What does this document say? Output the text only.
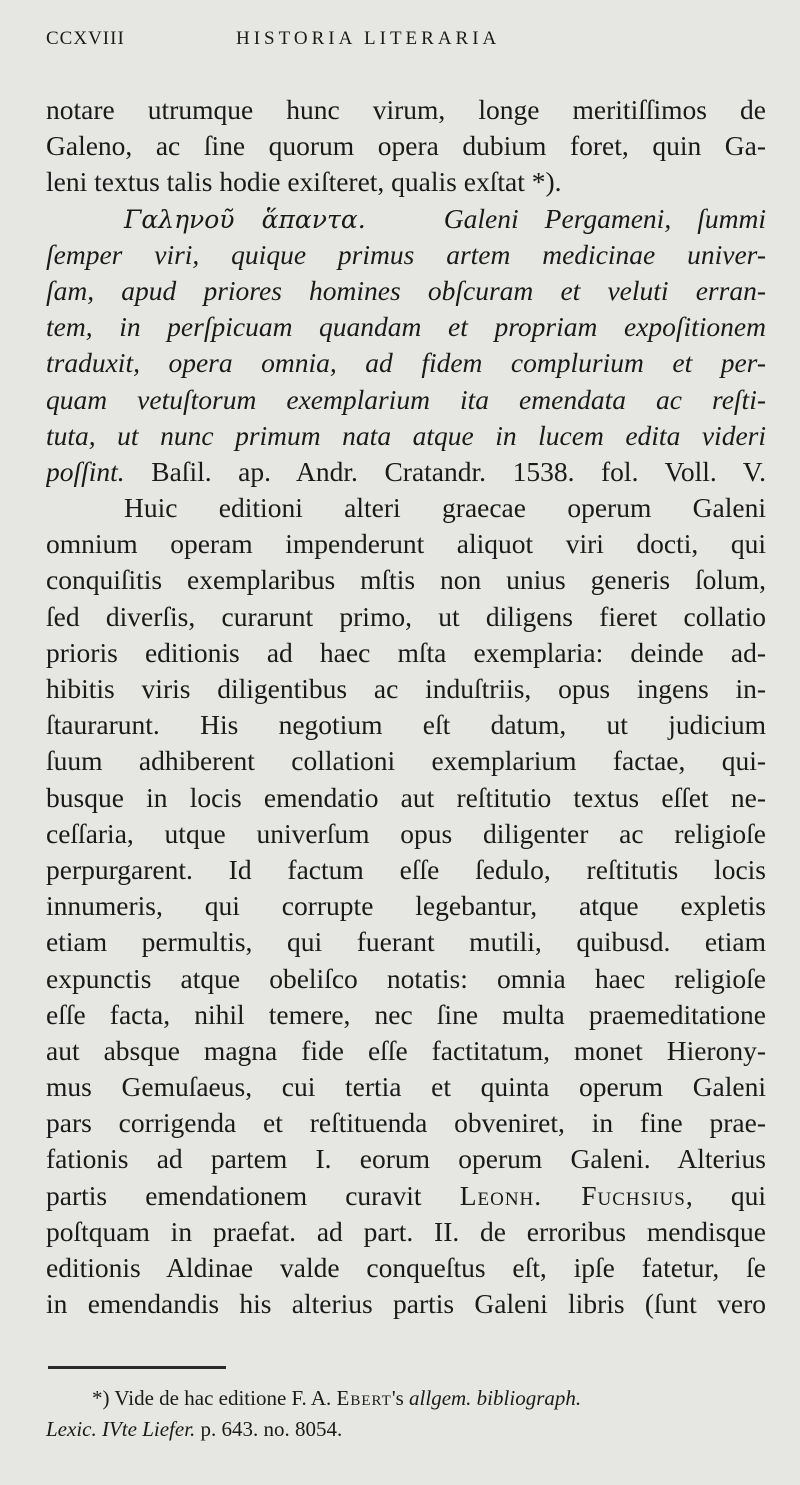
CCXVIII	HISTORIA LITERARIA
notare utrumque hunc virum, longe meritiſſimos de
Galeno, ac ſine quorum opera dubium foret, quin Ga-
leni textus talis hodie exiſteret, qualis exſtat *).
Γαληνοῦ ἅπαντα.	Galeni Pergameni, ſummi
ſemper viri, quique primus artem medicinae univer-
ſam, apud priores homines obſcuram et veluti erran-
tem, in perſpicuam quandam et propriam expoſitionem
traduxit, opera omnia, ad fidem complurium et per-
quam vetuſtorum exemplarium ita emendata ac reſti-
tuta, ut nunc primum nata atque in lucem edita videri
poſſint. Baſil. ap. Andr. Cratandr. 1538. fol. Voll. V.
Huic editioni alteri graecae operum Galeni
omnium operam impenderunt aliquot viri docti, qui
conquiſitis exemplaribus mſtis non unius generis ſolum,
ſed diverſis, curarunt primo, ut diligens fieret collatio
prioris editionis ad haec mſta exemplaria: deinde ad-
hibitis viris diligentibus ac induſtriis, opus ingens in-
ſtaurarunt. His negotium eſt datum, ut judicium
ſuum adhiberent collationi exemplarium factae, qui-
busque in locis emendatio aut reſtitutio textus eſſet ne-
ceſſaria, utque univerſum opus diligenter ac religioſe
perpurgarent. Id factum eſſe ſedulo, reſtitutis locis
innumeris, qui corrupte legebantur, atque expletis
etiam permultis, qui fuerant mutili, quibusd. etiam
expunctis atque obeliſco notatis: omnia haec religioſe
eſſe facta, nihil temere, nec ſine multa praemeditatione
aut absque magna fide eſſe factitatum, monet Hierony-
mus Gemuſaeus, cui tertia et quinta operum Galeni
pars corrigenda et reſtituenda obveniret, in fine prae-
fationis ad partem I. eorum operum Galeni. Alterius
partis emendationem curavit Leonh. Fuchsius, qui
poſtquam in praefat. ad part. II. de erroribus mendisque
editionis Aldinae valde conqueſtus eſt, ipſe fatetur, ſe
in emendandis his alterius partis Galeni libris (ſunt vero
*) Vide de hac editione F. A. Ebert's allgem. bibliograph.
Lexic. IVte Liefer. p. 643. no. 8054.
